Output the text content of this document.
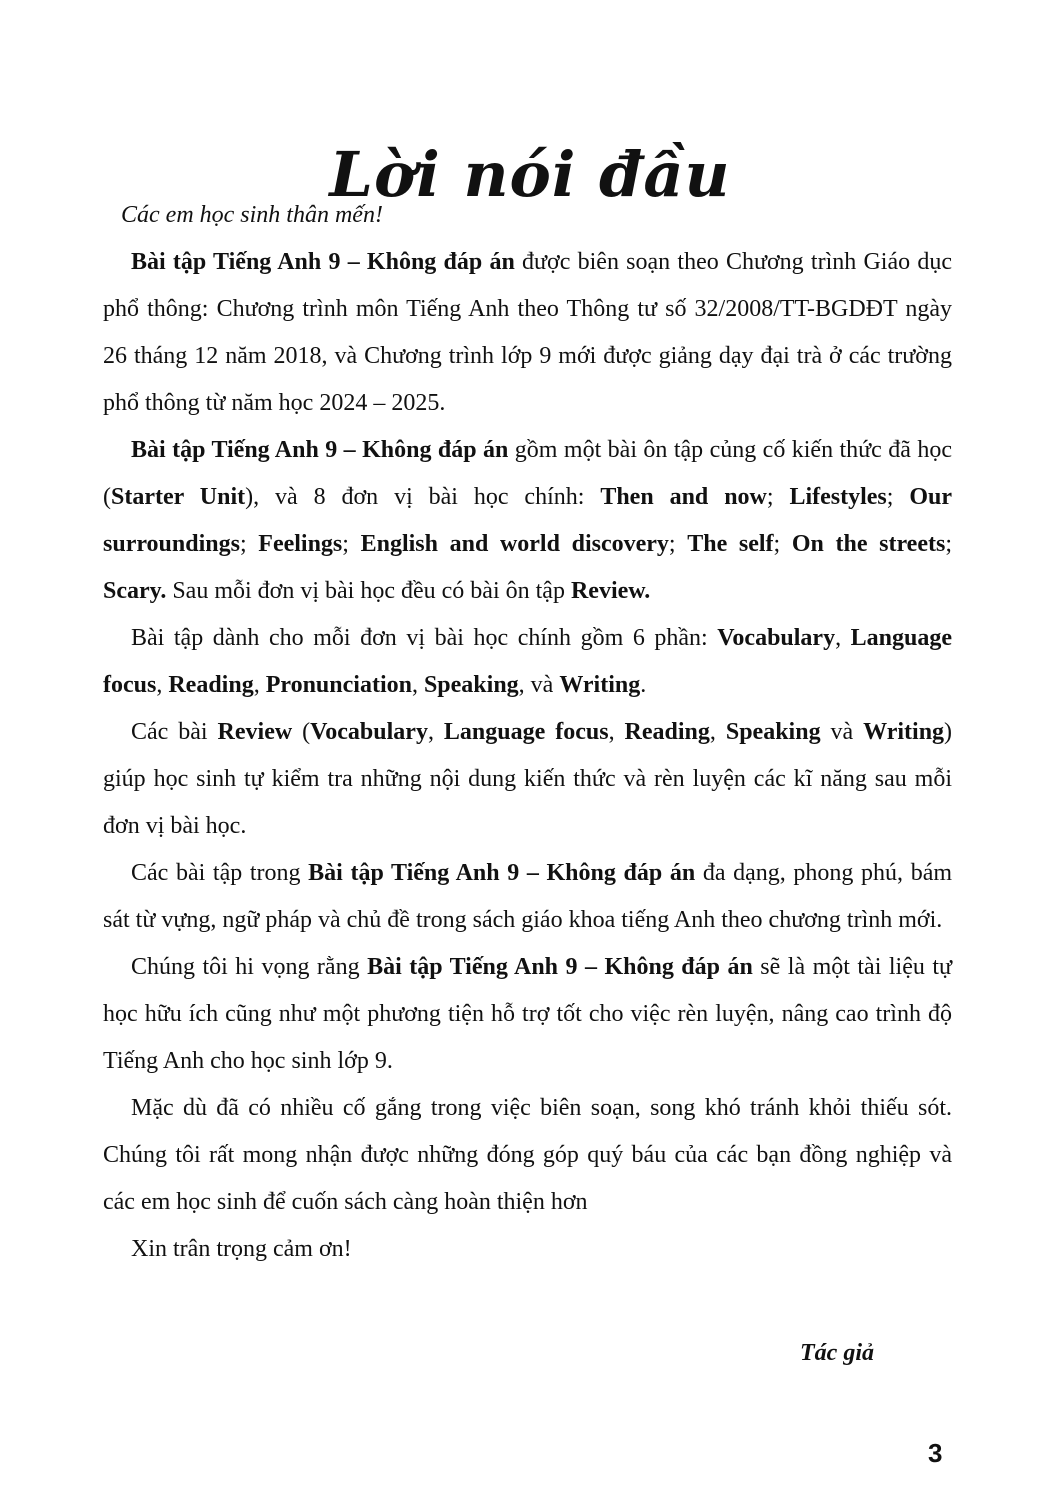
Lời nói đầu

Các em học sinh thân mến!

Bài tập Tiếng Anh 9 – Không đáp án được biên soạn theo Chương trình Giáo dục phổ thông: Chương trình môn Tiếng Anh theo Thông tư số 32/2008/TT-BGDĐT ngày 26 tháng 12 năm 2018, và Chương trình lớp 9 mới được giảng dạy đại trà ở các trường phổ thông từ năm học 2024 – 2025.

Bài tập Tiếng Anh 9 – Không đáp án gồm một bài ôn tập củng cố kiến thức đã học (Starter Unit), và 8 đơn vị bài học chính: Then and now; Lifestyles; Our surroundings; Feelings; English and world discovery; The self; On the streets; Scary. Sau mỗi đơn vị bài học đều có bài ôn tập Review.

Bài tập dành cho mỗi đơn vị bài học chính gồm 6 phần: Vocabulary, Language focus, Reading, Pronunciation, Speaking, và Writing.

Các bài Review (Vocabulary, Language focus, Reading, Speaking và Writing) giúp học sinh tự kiểm tra những nội dung kiến thức và rèn luyện các kĩ năng sau mỗi đơn vị bài học.

Các bài tập trong Bài tập Tiếng Anh 9 – Không đáp án đa dạng, phong phú, bám sát từ vựng, ngữ pháp và chủ đề trong sách giáo khoa tiếng Anh theo chương trình mới.

Chúng tôi hi vọng rằng Bài tập Tiếng Anh 9 – Không đáp án sẽ là một tài liệu tự học hữu ích cũng như một phương tiện hỗ trợ tốt cho việc rèn luyện, nâng cao trình độ Tiếng Anh cho học sinh lớp 9.

Mặc dù đã có nhiều cố gắng trong việc biên soạn, song khó tránh khỏi thiếu sót. Chúng tôi rất mong nhận được những đóng góp quý báu của các bạn đồng nghiệp và các em học sinh để cuốn sách càng hoàn thiện hơn

Xin trân trọng cảm ơn!

Tác giả
3
